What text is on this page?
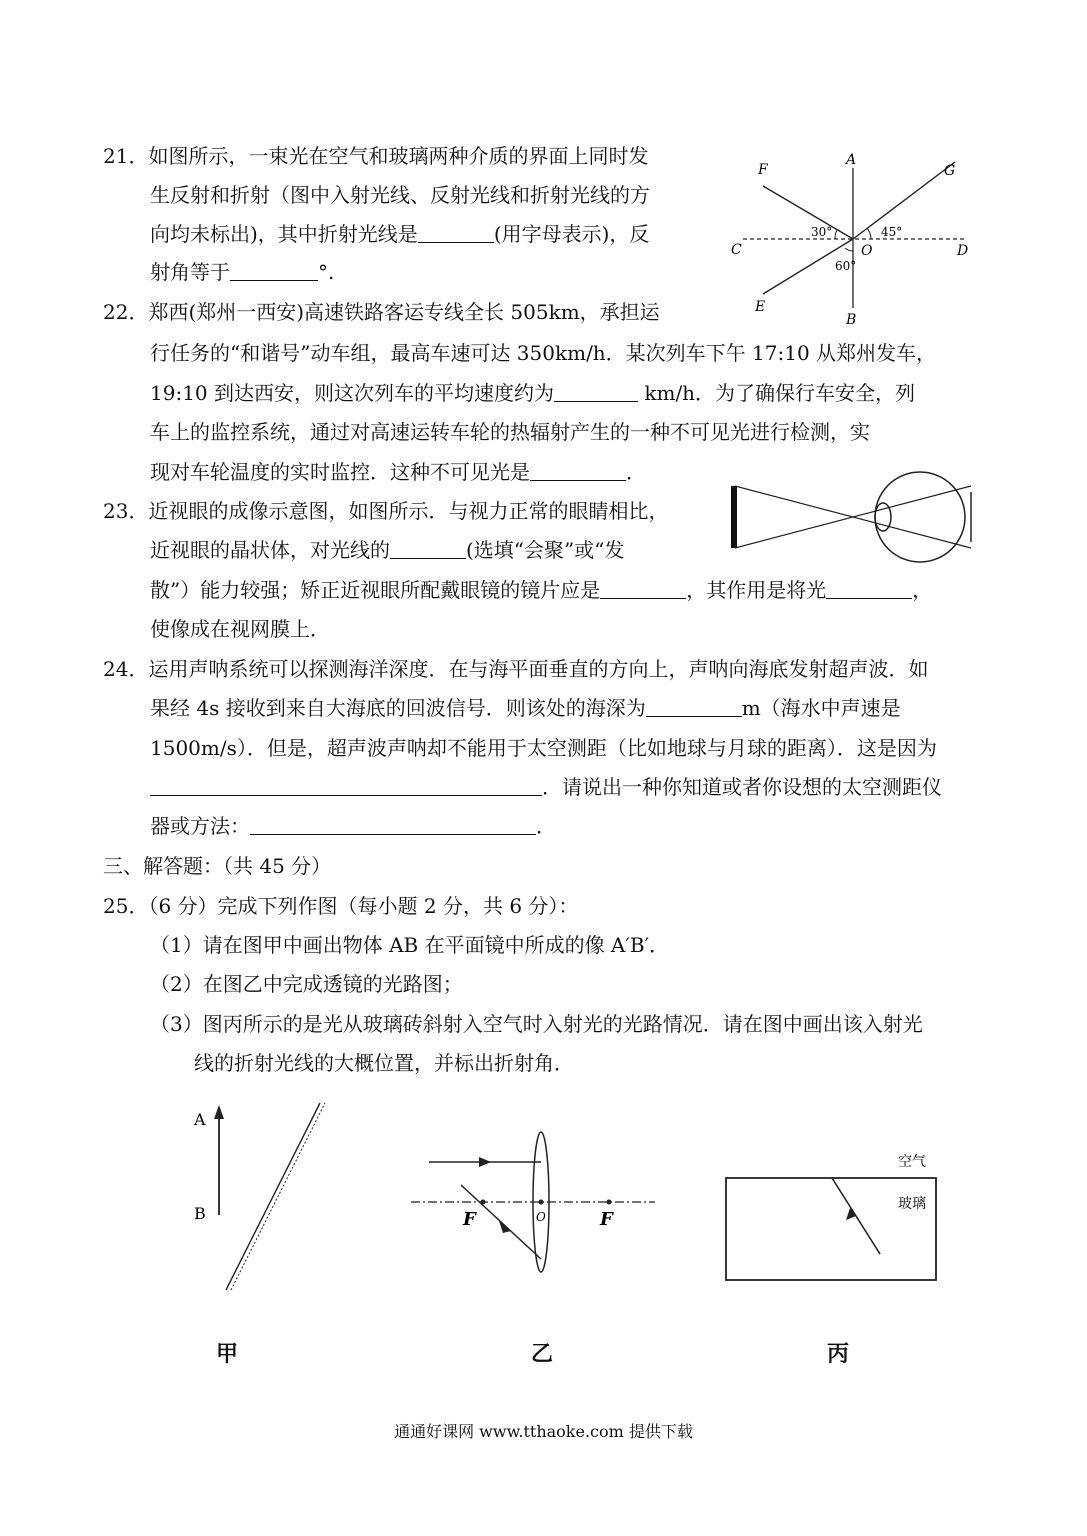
21．如图所示，一束光在空气和玻璃两种介质的界面上同时发
生反射和折射（图中入射光线、反射光线和折射光线的方
向均未标出)，其中折射光线是	(用字母表示)，反
射角等于	°.
A
B
C	D
E
F	G
O
30°	45°
60°
22．郑西(郑州一西安)高速铁路客运专线全长 505km，承担运
行任务的“和谐号”动车组，最高车速可达 350km/h．某次列车下午 17:10 从郑州发车，
19:10 到达西安，则这次列车的平均速度约为	km/h．为了确保行车安全，列
车上的监控系统，通过对高速运转车轮的热辐射产生的一种不可见光进行检测，实
现对车轮温度的实时监控．这种不可见光是	．
23．近视眼的成像示意图，如图所示．与视力正常的眼睛相比，
近视眼的晶状体，对光线的	(选填“会聚”或“发
散”）能力较强；矫正近视眼所配戴眼镜的镜片应是	，其作用是将光	，
使像成在视网膜上．
24．运用声呐系统可以探测海洋深度．在与海平面垂直的方向上，声呐向海底发射超声波．如
果经 4s 接收到来自大海底的回波信号．则该处的海深为	m（海水中声速是
1500m/s）．但是，超声波声呐却不能用于太空测距（比如地球与月球的距离）．这是因为
．请说出一种你知道或者你设想的太空测距仪
器或方法：	．
三、解答题：（共 45 分）
25．（6 分）完成下列作图（每小题 2 分，共 6 分）：
（1）请在图甲中画出物体 AB 在平面镜中所成的像 A′B′．
（2）在图乙中完成透镜的光路图；
（3）图丙所示的是光从玻璃砖斜射入空气时入射光的光路情况．请在图中画出该入射光
线的折射光线的大概位置，并标出折射角．
A
B	F	O	F
空气
玻璃
甲	乙	丙
通通好课网 www.tthaoke.com 提供下载
